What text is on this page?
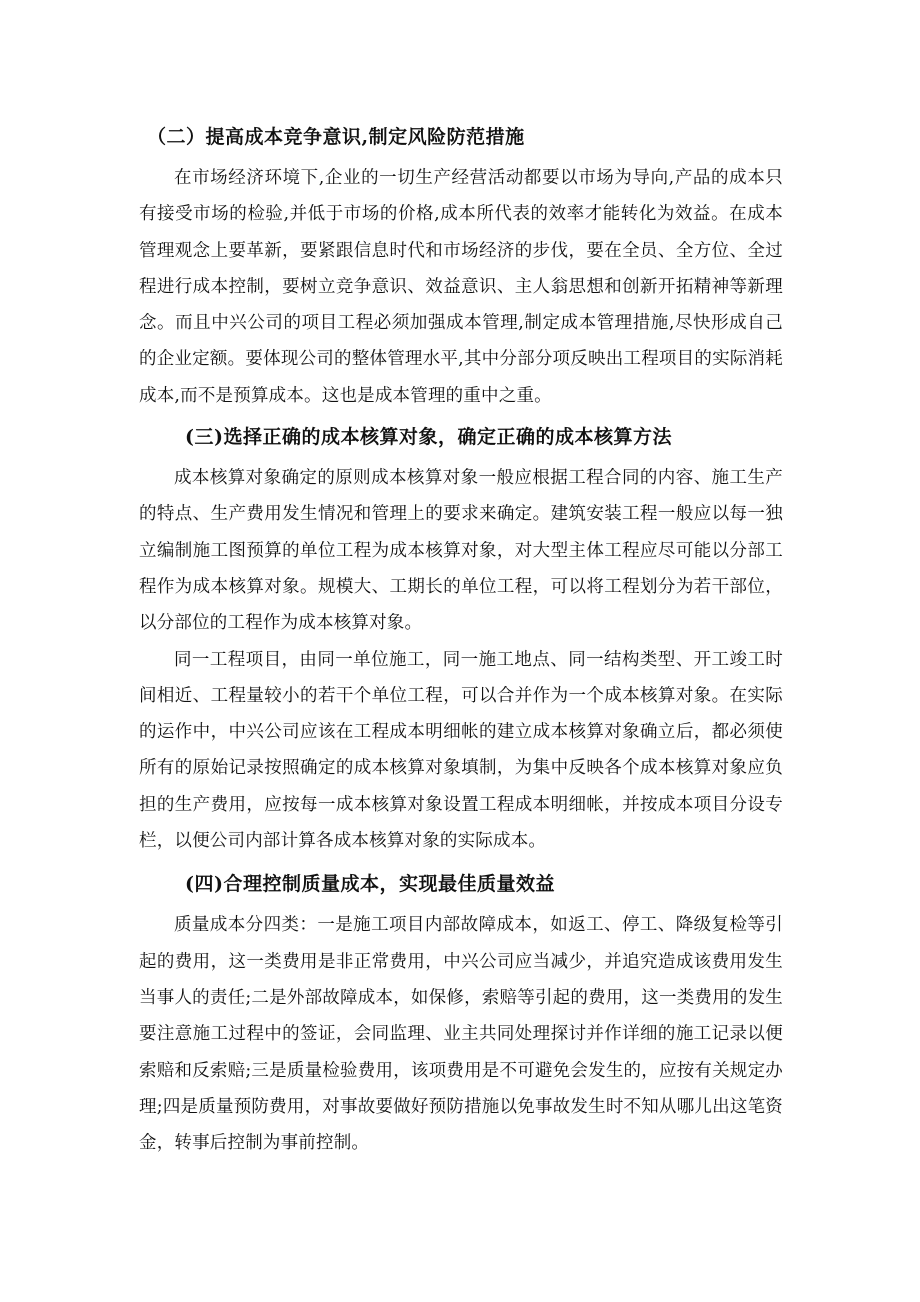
（二）提高成本竞争意识,制定风险防范措施

在市场经济环境下,企业的一切生产经营活动都要以市场为导向,产品的成本只有接受市场的检验,并低于市场的价格,成本所代表的效率才能转化为效益。在成本管理观念上要革新，要紧跟信息时代和市场经济的步伐，要在全员、全方位、全过程进行成本控制，要树立竞争意识、效益意识、主人翁思想和创新开拓精神等新理念。而且中兴公司的项目工程必须加强成本管理,制定成本管理措施,尽快形成自己的企业定额。要体现公司的整体管理水平,其中分部分项反映出工程项目的实际消耗成本,而不是预算成本。这也是成本管理的重中之重。

(三)选择正确的成本核算对象，确定正确的成本核算方法

成本核算对象确定的原则成本核算对象一般应根据工程合同的内容、施工生产的特点、生产费用发生情况和管理上的要求来确定。建筑安装工程一般应以每一独立编制施工图预算的单位工程为成本核算对象，对大型主体工程应尽可能以分部工程作为成本核算对象。规模大、工期长的单位工程，可以将工程划分为若干部位，以分部位的工程作为成本核算对象。

同一工程项目，由同一单位施工，同一施工地点、同一结构类型、开工竣工时间相近、工程量较小的若干个单位工程，可以合并作为一个成本核算对象。在实际的运作中，中兴公司应该在工程成本明细帐的建立成本核算对象确立后，都必须使所有的原始记录按照确定的成本核算对象填制，为集中反映各个成本核算对象应负担的生产费用，应按每一成本核算对象设置工程成本明细帐，并按成本项目分设专栏，以便公司内部计算各成本核算对象的实际成本。

(四)合理控制质量成本，实现最佳质量效益

质量成本分四类：一是施工项目内部故障成本，如返工、停工、降级复检等引起的费用，这一类费用是非正常费用，中兴公司应当减少，并追究造成该费用发生当事人的责任;二是外部故障成本，如保修，索赔等引起的费用，这一类费用的发生要注意施工过程中的签证，会同监理、业主共同处理探讨并作详细的施工记录以便索赔和反索赔;三是质量检验费用，该项费用是不可避免会发生的，应按有关规定办理;四是质量预防费用，对事故要做好预防措施以免事故发生时不知从哪儿出这笔资金，转事后控制为事前控制。
